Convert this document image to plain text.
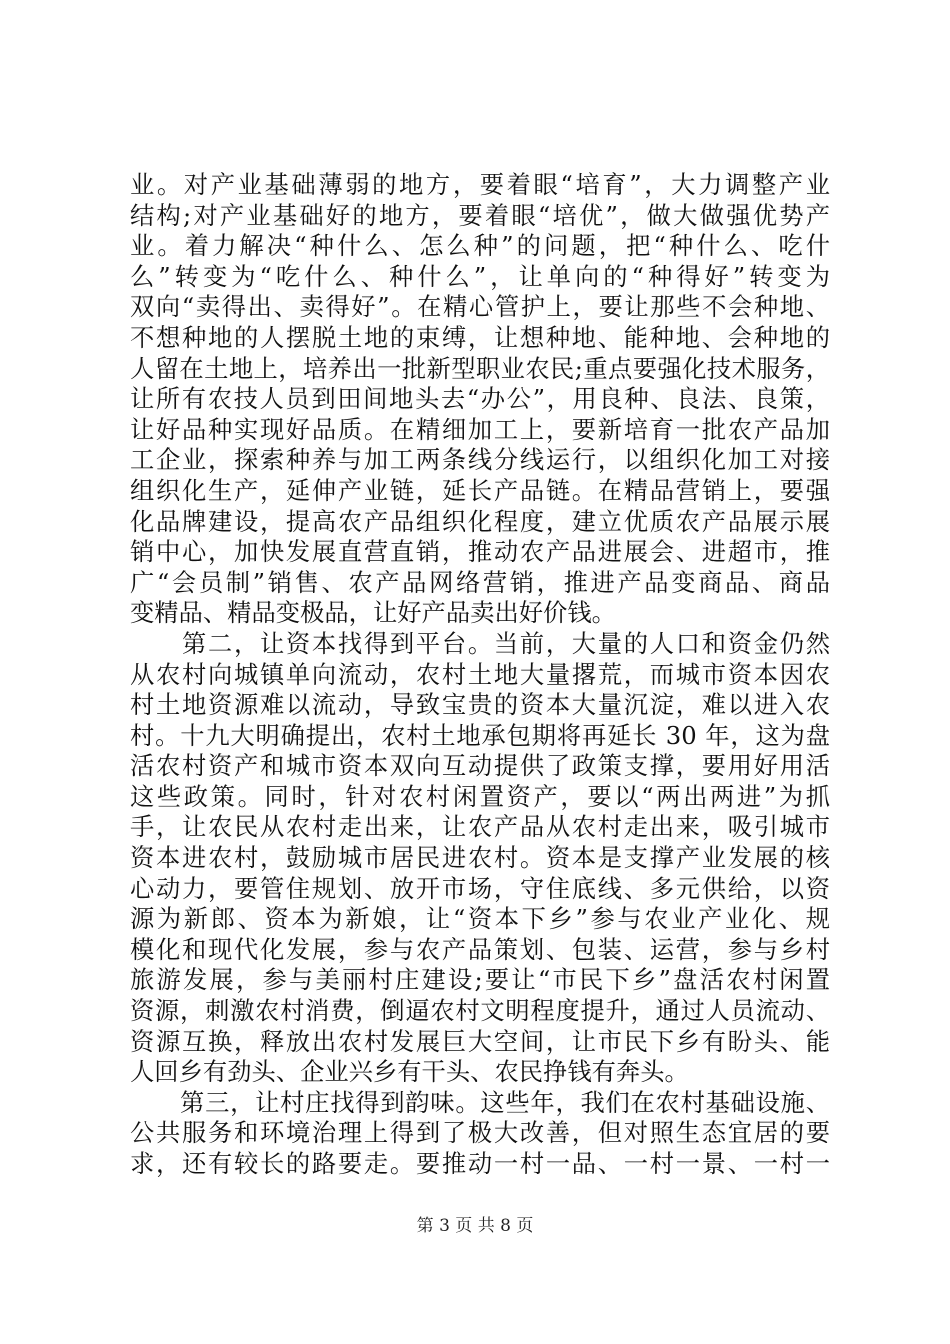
业。对产业基础薄弱的地方，要着眼“培育”，大力调整产业
结构;对产业基础好的地方，要着眼“培优”，做大做强优势产
业。着力解决“种什么、怎么种”的问题，把“种什么、吃什
么”转变为“吃什么、种什么”，让单向的“种得好”转变为
双向“卖得出、卖得好”。在精心管护上，要让那些不会种地、
不想种地的人摆脱土地的束缚，让想种地、能种地、会种地的
人留在土地上，培养出一批新型职业农民;重点要强化技术服务，
让所有农技人员到田间地头去“办公”，用良种、良法、良策，
让好品种实现好品质。在精细加工上，要新培育一批农产品加
工企业，探索种养与加工两条线分线运行，以组织化加工对接
组织化生产，延伸产业链，延长产品链。在精品营销上，要强
化品牌建设，提高农产品组织化程度，建立优质农产品展示展
销中心，加快发展直营直销，推动农产品进展会、进超市，推
广“会员制”销售、农产品网络营销，推进产品变商品、商品
变精品、精品变极品，让好产品卖出好价钱。
　　第二，让资本找得到平台。当前，大量的人口和资金仍然
从农村向城镇单向流动，农村土地大量撂荒，而城市资本因农
村土地资源难以流动，导致宝贵的资本大量沉淀，难以进入农
村。十九大明确提出，农村土地承包期将再延长 30 年，这为盘
活农村资产和城市资本双向互动提供了政策支撑，要用好用活
这些政策。同时，针对农村闲置资产，要以“两出两进”为抓
手，让农民从农村走出来，让农产品从农村走出来，吸引城市
资本进农村，鼓励城市居民进农村。资本是支撑产业发展的核
心动力，要管住规划、放开市场，守住底线、多元供给，以资
源为新郎、资本为新娘，让“资本下乡”参与农业产业化、规
模化和现代化发展，参与农产品策划、包装、运营，参与乡村
旅游发展，参与美丽村庄建设;要让“市民下乡”盘活农村闲置
资源，刺激农村消费，倒逼农村文明程度提升，通过人员流动、
资源互换，释放出农村发展巨大空间，让市民下乡有盼头、能
人回乡有劲头、企业兴乡有干头、农民挣钱有奔头。
　　第三，让村庄找得到韵味。这些年，我们在农村基础设施、
公共服务和环境治理上得到了极大改善，但对照生态宜居的要
求，还有较长的路要走。要推动一村一品、一村一景、一村一
第 3 页 共 8 页
